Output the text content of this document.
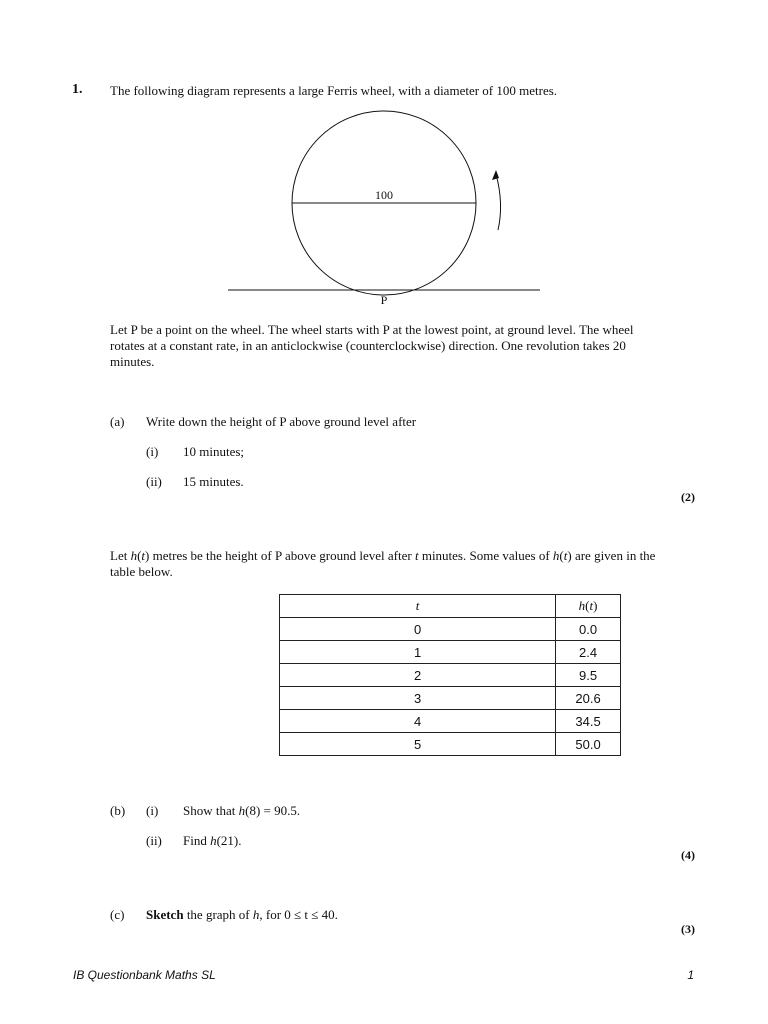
1. The following diagram represents a large Ferris wheel, with a diameter of 100 metres.
100
P
Let P be a point on the wheel. The wheel starts with P at the lowest point, at ground level. The wheel rotates at a constant rate, in an anticlockwise (counterclockwise) direction. One revolution takes 20 minutes.
(a) Write down the height of P above ground level after
(i) 10 minutes;
(ii) 15 minutes.
(2)
Let h(t) metres be the height of P above ground level after t minutes. Some values of h(t) are given in the table below.
t	h(t)
0	0.0
1	2.4
2	9.5
3	20.6
4	34.5
5	50.0
(b) (i) Show that h(8) = 90.5.
(ii) Find h(21).
(4)
(c) Sketch the graph of h, for 0 ≤ t ≤ 40.
(3)
IB Questionbank Maths SL	1
